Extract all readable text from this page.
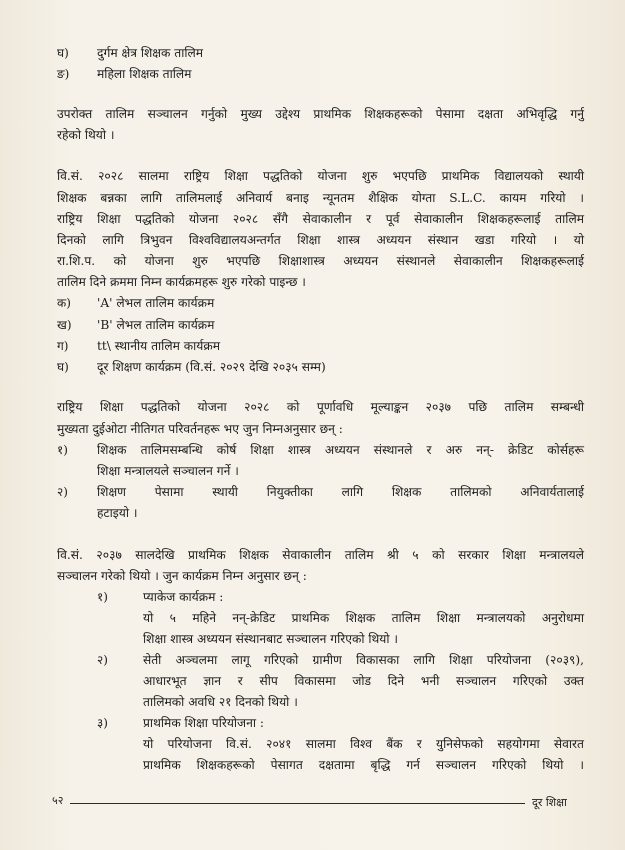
घ) दुर्गम क्षेत्र शिक्षक तालिम
ङ) महिला शिक्षक तालिम
उपरोक्त तालिम सञ्चालन गर्नुको मुख्य उद्देश्य प्राथमिक शिक्षकहरूको पेसामा दक्षता अभिवृद्धि गर्नु
रहेको थियो ।
वि.सं. २०२८ सालमा राष्ट्रिय शिक्षा पद्धतिको योजना शुरु भएपछि प्राथमिक विद्यालयको स्थायी
शिक्षक बन्नका लागि तालिमलाई अनिवार्य बनाइ न्यूनतम शैक्षिक योग्ता S.L.C. कायम गरियो ।
राष्ट्रिय शिक्षा पद्धतिको योजना २०२८ सँगै सेवाकालीन र पूर्व सेवाकालीन शिक्षकहरूलाई तालिम
दिनको लागि त्रिभुवन विश्वविद्यालयअन्तर्गत शिक्षा शास्त्र अध्ययन संस्थान खडा गरियो । यो
रा.शि.प. को योजना शुरु भएपछि शिक्षाशास्त्र अध्ययन संस्थानले सेवाकालीन शिक्षकहरूलाई
तालिम दिने क्रममा निम्न कार्यक्रमहरू शुरु गरेको पाइन्छ ।
क) 'A' लेभल तालिम कार्यक्रम
ख) 'B' लेभल तालिम कार्यक्रम
ग) tt\ स्थानीय तालिम कार्यक्रम
घ) दूर शिक्षण कार्यक्रम (वि.सं. २०२९ देखि २०३५ सम्म)
राष्ट्रिय शिक्षा पद्धतिको योजना २०२८ को पूर्णावधि मूल्याङ्कन २०३७ पछि तालिम सम्बन्धी
मुख्यता दुईओटा नीतिगत परिवर्तनहरू भए जुन निम्नअनुसार छन् :
१) शिक्षक तालिमसम्बन्धि कोर्ष शिक्षा शास्त्र अध्ययन संस्थानले र अरु नन्- क्रेडिट कोर्सहरू
शिक्षा मन्त्रालयले सञ्चालन गर्ने ।
२) शिक्षण पेसामा स्थायी नियुक्तीका लागि शिक्षक तालिमको अनिवार्यतालाई
हटाइयो ।
वि.सं. २०३७ सालदेखि प्राथमिक शिक्षक सेवाकालीन तालिम श्री ५ को सरकार शिक्षा मन्त्रालयले
सञ्चालन गरेको थियो । जुन कार्यक्रम निम्न अनुसार छन् :
१)	प्याकेज कार्यक्रम :
यो ५ महिने नन्-क्रेडिट प्राथमिक शिक्षक तालिम शिक्षा मन्त्रालयको अनुरोधमा
शिक्षा शास्त्र अध्ययन संस्थानबाट सञ्चालन गरिएको थियो ।
२)	सेती अञ्चलमा लागू गरिएको ग्रामीण विकासका लागि शिक्षा परियोजना (२०३९),
आधारभूत ज्ञान र सीप विकासमा जोड दिने भनी सञ्चालन गरिएको उक्त
तालिमको अवधि २१ दिनको थियो ।
३)	प्राथमिक शिक्षा परियोजना :
यो परियोजना वि.सं. २०४१ सालमा विश्व बैंक र युनिसेफको सहयोगमा सेवारत
प्राथमिक शिक्षकहरूको पेसागत दक्षतामा बृद्धि गर्न सञ्चालन गरिएको थियो ।
५२	दूर शिक्षा
